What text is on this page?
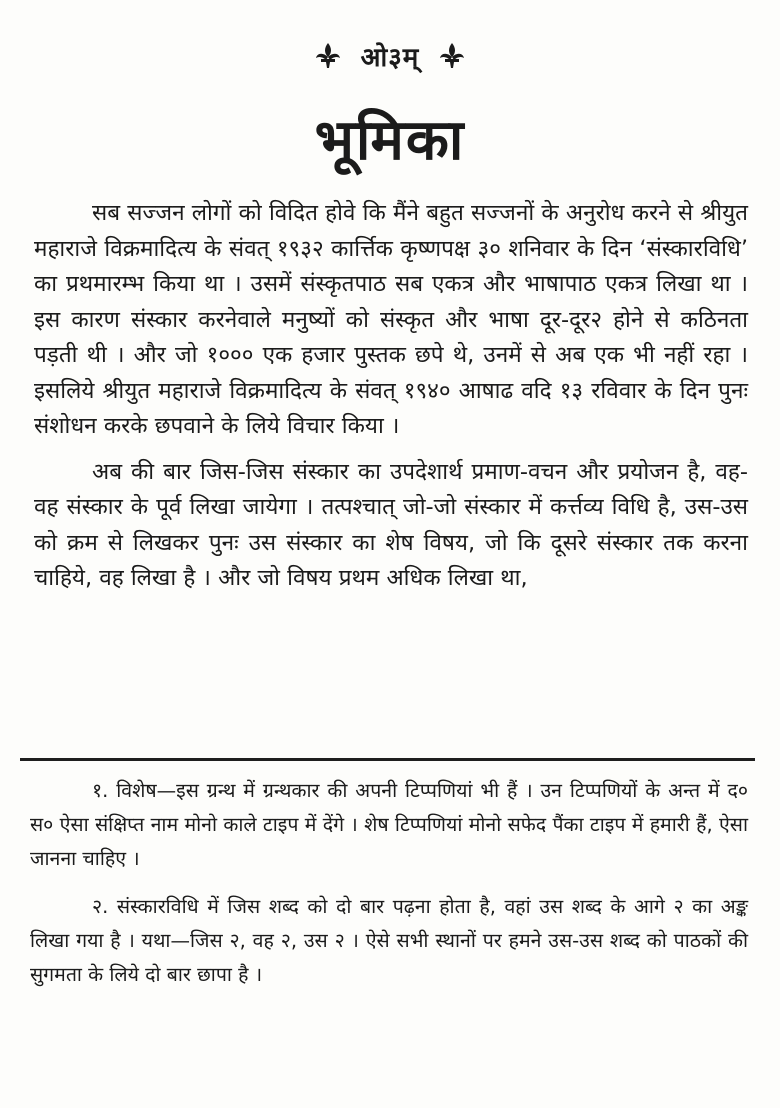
ओ३म्
भूमिका

सब सज्जन लोगों को विदित होवे कि मैंने बहुत सज्जनों के अनुरोध करने से श्रीयुत महाराजे विक्रमादित्य के संवत् १९३२ कार्त्तिक कृष्णपक्ष ३० शनिवार के दिन ‘संस्कारविधि’ का प्रथमारम्भ किया था । उसमें संस्कृतपाठ सब एकत्र और भाषापाठ एकत्र लिखा था । इस कारण संस्कार करनेवाले मनुष्यों को संस्कृत और भाषा दूर-दूर२ होने से कठिनता पड़ती थी । और जो १००० एक हजार पुस्तक छपे थे, उनमें से अब एक भी नहीं रहा । इसलिये श्रीयुत महाराजे विक्रमादित्य के संवत् १९४० आषाढ वदि १३ रविवार के दिन पुनः संशोधन करके छपवाने के लिये विचार किया ।

अब की बार जिस-जिस संस्कार का उपदेशार्थ प्रमाण-वचन और प्रयोजन है, वह-वह संस्कार के पूर्व लिखा जायेगा । तत्पश्चात् जो-जो संस्कार में कर्त्तव्य विधि है, उस-उस को क्रम से लिखकर पुनः उस संस्कार का शेष विषय, जो कि दूसरे संस्कार तक करना चाहिये, वह लिखा है । और जो विषय प्रथम अधिक लिखा था,

१. विशेष—इस ग्रन्थ में ग्रन्थकार की अपनी टिप्पणियां भी हैं । उन टिप्पणियों के अन्त में द० स० ऐसा संक्षिप्त नाम मोनो काले टाइप में देंगे । शेष टिप्पणियां मोनो सफेद पैंका टाइप में हमारी हैं, ऐसा जानना चाहिए ।

२. संस्कारविधि में जिस शब्द को दो बार पढ़ना होता है, वहां उस शब्द के आगे २ का अङ्क लिखा गया है । यथा—जिस २, वह २, उस २ । ऐसे सभी स्थानों पर हमने उस-उस शब्द को पाठकों की सुगमता के लिये दो बार छापा है ।
